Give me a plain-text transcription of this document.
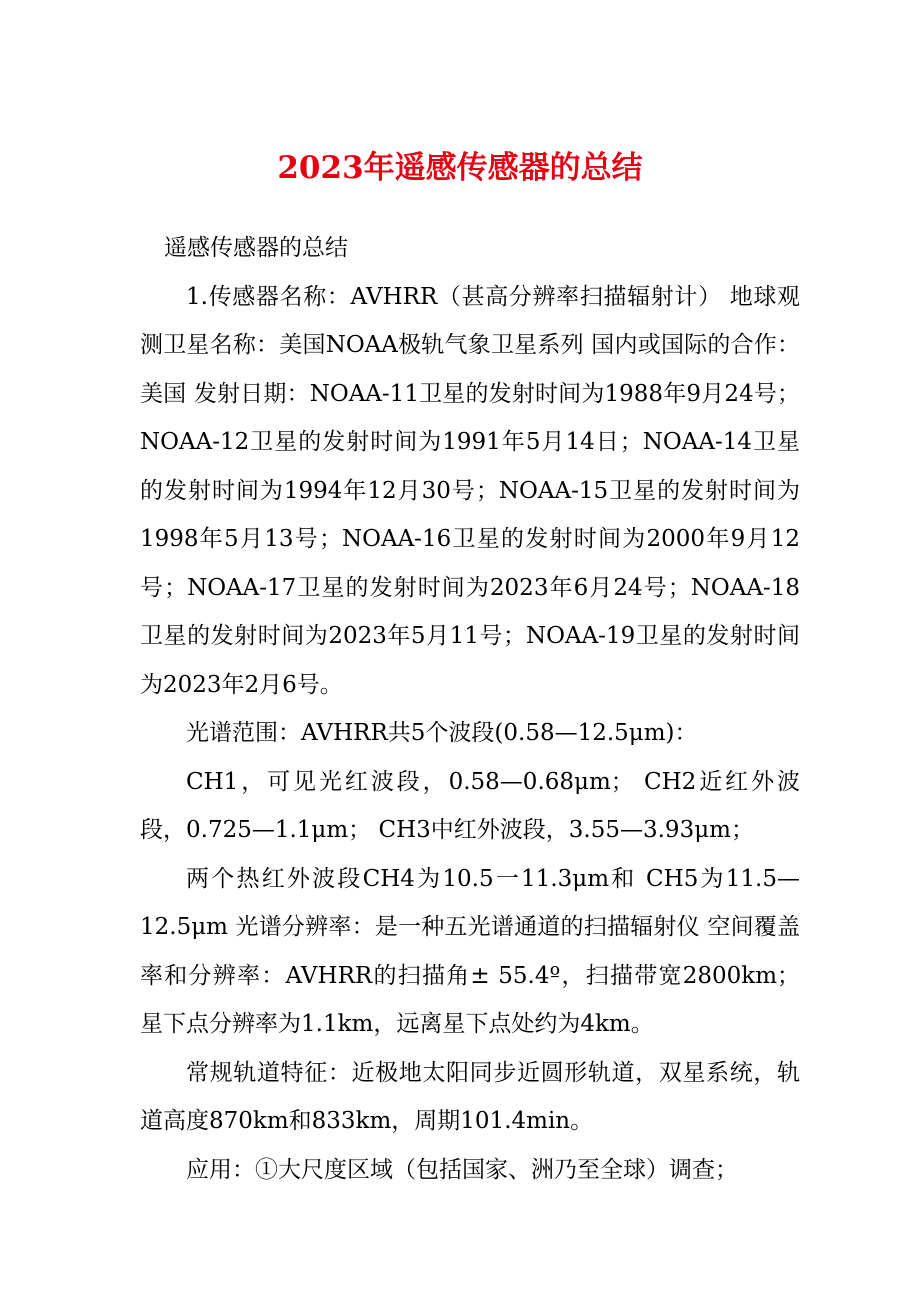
2023年遥感传感器的总结

遥感传感器的总结

1.传感器名称：AVHRR（甚高分辨率扫描辐射计） 地球观测卫星名称：美国NOAA极轨气象卫星系列 国内或国际的合作：美国 发射日期：NOAA-11卫星的发射时间为1988年9月24号；NOAA-12卫星的发射时间为1991年5月14日；NOAA-14卫星的发射时间为1994年12月30号；NOAA-15卫星的发射时间为1998年5月13号；NOAA-16卫星的发射时间为2000年9月12号；NOAA-17卫星的发射时间为2023年6月24号；NOAA-18卫星的发射时间为2023年5月11号；NOAA-19卫星的发射时间为2023年2月6号。

光谱范围：AVHRR共5个波段(0.58—12.5μm)：

CH1，可见光红波段，0.58—0.68μm； CH2近红外波段，0.725—1.1μm； CH3中红外波段，3.55—3.93μm；

两个热红外波段CH4为10.5一11.3μm和 CH5为11.5—12.5μm 光谱分辨率：是一种五光谱通道的扫描辐射仪 空间覆盖率和分辨率：AVHRR的扫描角± 55.4º，扫描带宽2800km；星下点分辨率为1.1km，远离星下点处约为4km。

常规轨道特征：近极地太阳同步近圆形轨道，双星系统，轨道高度870km和833km，周期101.4min。

应用：①大尺度区域（包括国家、洲乃至全球）调查；
